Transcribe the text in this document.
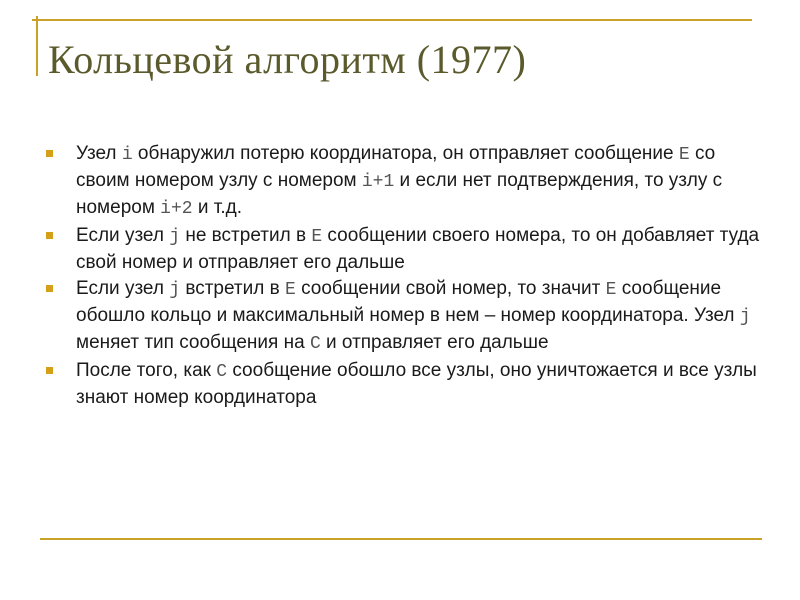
Кольцевой алгоритм (1977)
Узел i обнаружил потерю координатора, он отправляет сообщение E со своим номером узлу с номером i+1 и если нет подтверждения, то узлу с номером i+2 и т.д.
Если узел j не встретил в E сообщении своего номера, то он добавляет туда свой номер и отправляет его дальше
Если узел j встретил в E сообщении свой номер, то значит E сообщение обошло кольцо и максимальный номер в нем – номер координатора. Узел j меняет тип сообщения на C и отправляет его дальше
После того, как C сообщение обошло все узлы, оно уничтожается и все узлы знают номер координатора
